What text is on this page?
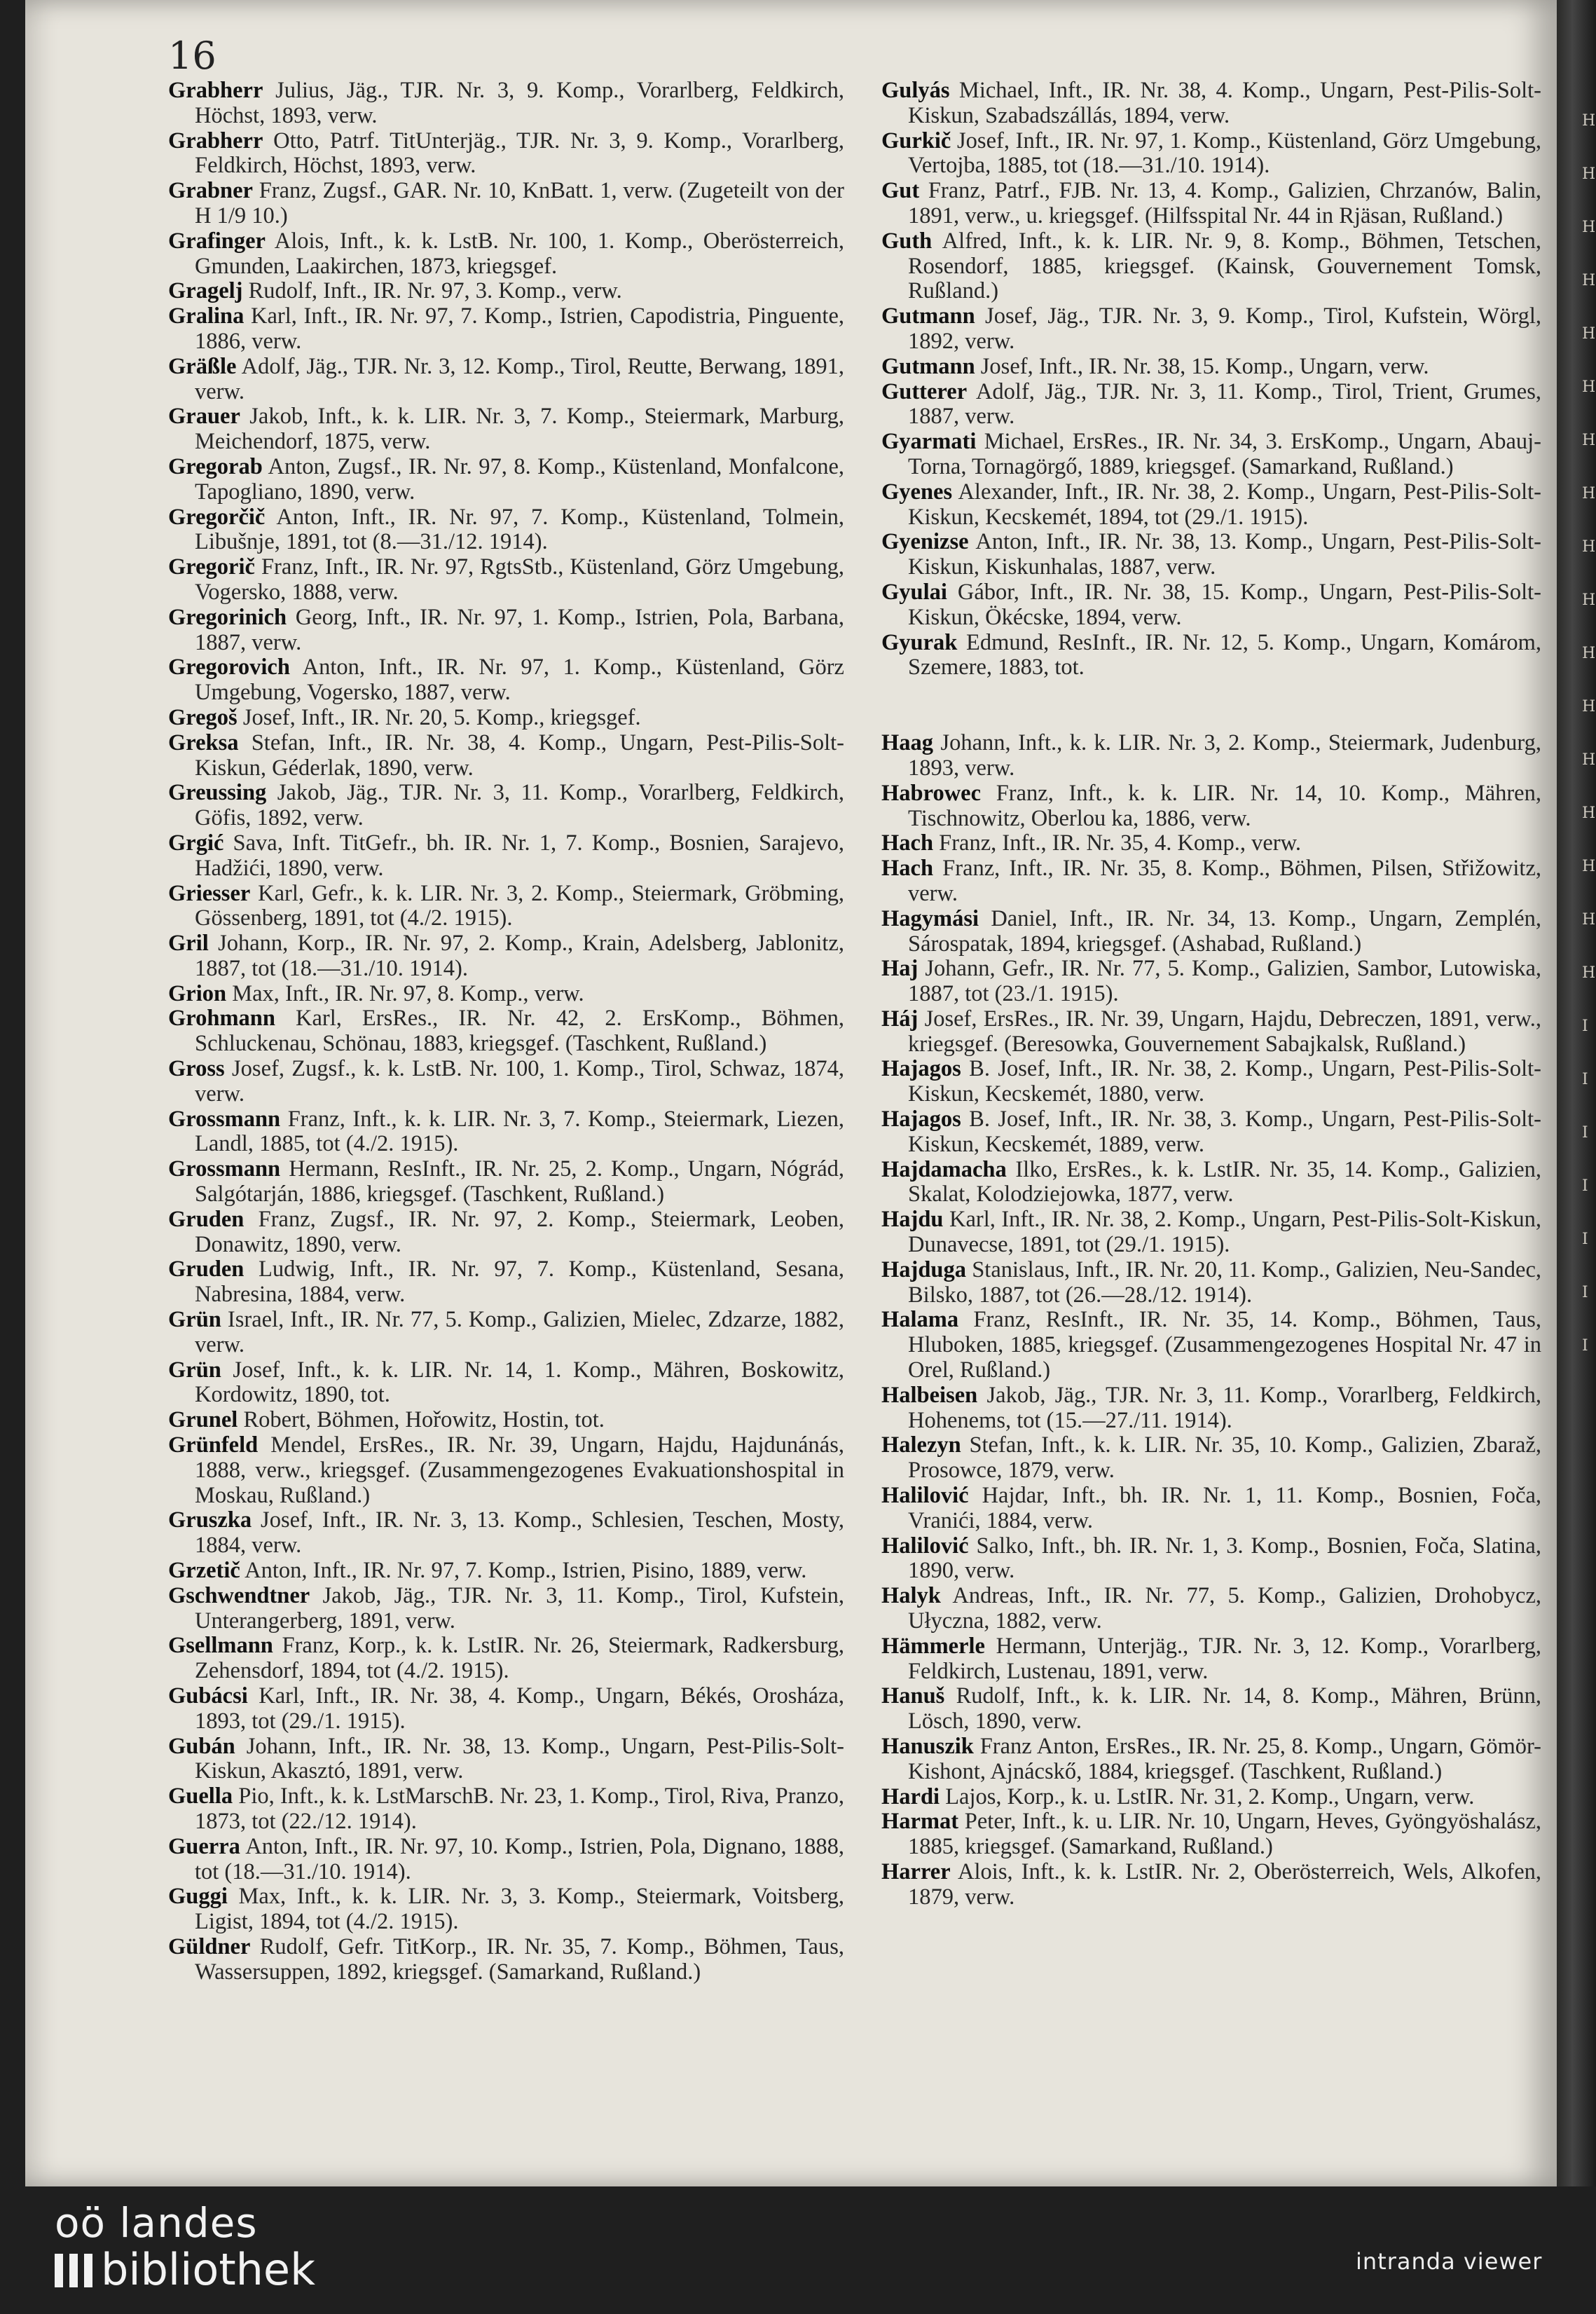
H
H
H
H
H
H
H
H
H
H
H
H
H
H
H
H
H
I
I
I
I
I
I
I
16

Grabherr Julius, Jäg., TJR. Nr. 3, 9. Komp., Vorarlberg, Feldkirch, Höchst, 1893, verw.

Grabherr Otto, Patrf. TitUnterjäg., TJR. Nr. 3, 9. Komp., Vorarlberg, Feldkirch, Höchst, 1893, verw.

Grabner Franz, Zugsf., GAR. Nr. 10, KnBatt. 1, verw. (Zugeteilt von der H 1/9 10.)

Grafinger Alois, Inft., k. k. LstB. Nr. 100, 1. Komp., Oberösterreich, Gmunden, Laakirchen, 1873, kriegsgef.

Gragelj Rudolf, Inft., IR. Nr. 97, 3. Komp., verw.

Gralina Karl, Inft., IR. Nr. 97, 7. Komp., Istrien, Capodistria, Pinguente, 1886, verw.

Gräßle Adolf, Jäg., TJR. Nr. 3, 12. Komp., Tirol, Reutte, Berwang, 1891, verw.

Grauer Jakob, Inft., k. k. LIR. Nr. 3, 7. Komp., Steiermark, Marburg, Meichendorf, 1875, verw.

Gregorab Anton, Zugsf., IR. Nr. 97, 8. Komp., Küstenland, Monfalcone, Tapogliano, 1890, verw.

Gregorčič Anton, Inft., IR. Nr. 97, 7. Komp., Küstenland, Tolmein, Libušnje, 1891, tot (8.—31./12. 1914).

Gregorič Franz, Inft., IR. Nr. 97, RgtsStb., Küstenland, Görz Umgebung, Vogersko, 1888, verw.

Gregorinich Georg, Inft., IR. Nr. 97, 1. Komp., Istrien, Pola, Barbana, 1887, verw.

Gregorovich Anton, Inft., IR. Nr. 97, 1. Komp., Küstenland, Görz Umgebung, Vogersko, 1887, verw.

Gregoš Josef, Inft., IR. Nr. 20, 5. Komp., kriegsgef.

Greksa Stefan, Inft., IR. Nr. 38, 4. Komp., Ungarn, Pest-Pilis-Solt-Kiskun, Géderlak, 1890, verw.

Greussing Jakob, Jäg., TJR. Nr. 3, 11. Komp., Vorarlberg, Feldkirch, Göfis, 1892, verw.

Grgić Sava, Inft. TitGefr., bh. IR. Nr. 1, 7. Komp., Bosnien, Sarajevo, Hadžići, 1890, verw.

Griesser Karl, Gefr., k. k. LIR. Nr. 3, 2. Komp., Steiermark, Gröbming, Gössenberg, 1891, tot (4./2. 1915).

Gril Johann, Korp., IR. Nr. 97, 2. Komp., Krain, Adelsberg, Jablonitz, 1887, tot (18.—31./10. 1914).

Grion Max, Inft., IR. Nr. 97, 8. Komp., verw.

Grohmann Karl, ErsRes., IR. Nr. 42, 2. ErsKomp., Böhmen, Schluckenau, Schönau, 1883, kriegsgef. (Taschkent, Rußland.)

Gross Josef, Zugsf., k. k. LstB. Nr. 100, 1. Komp., Tirol, Schwaz, 1874, verw.

Grossmann Franz, Inft., k. k. LIR. Nr. 3, 7. Komp., Steiermark, Liezen, Landl, 1885, tot (4./2. 1915).

Grossmann Hermann, ResInft., IR. Nr. 25, 2. Komp., Ungarn, Nógrád, Salgótarján, 1886, kriegsgef. (Taschkent, Rußland.)

Gruden Franz, Zugsf., IR. Nr. 97, 2. Komp., Steiermark, Leoben, Donawitz, 1890, verw.

Gruden Ludwig, Inft., IR. Nr. 97, 7. Komp., Küstenland, Sesana, Nabresina, 1884, verw.

Grün Israel, Inft., IR. Nr. 77, 5. Komp., Galizien, Mielec, Zdzarze, 1882, verw.

Grün Josef, Inft., k. k. LIR. Nr. 14, 1. Komp., Mähren, Boskowitz, Kordowitz, 1890, tot.

Grunel Robert, Böhmen, Hořowitz, Hostin, tot.

Grünfeld Mendel, ErsRes., IR. Nr. 39, Ungarn, Hajdu, Hajdunánás, 1888, verw., kriegsgef. (Zusammengezogenes Evakuationshospital in Moskau, Rußland.)

Gruszka Josef, Inft., IR. Nr. 3, 13. Komp., Schlesien, Teschen, Mosty, 1884, verw.

Grzetič Anton, Inft., IR. Nr. 97, 7. Komp., Istrien, Pisino, 1889, verw.

Gschwendtner Jakob, Jäg., TJR. Nr. 3, 11. Komp., Tirol, Kufstein, Unterangerberg, 1891, verw.

Gsellmann Franz, Korp., k. k. LstIR. Nr. 26, Steiermark, Radkersburg, Zehensdorf, 1894, tot (4./2. 1915).

Gubácsi Karl, Inft., IR. Nr. 38, 4. Komp., Ungarn, Békés, Orosháza, 1893, tot (29./1. 1915).

Gubán Johann, Inft., IR. Nr. 38, 13. Komp., Ungarn, Pest-Pilis-Solt-Kiskun, Akasztó, 1891, verw.

Guella Pio, Inft., k. k. LstMarschB. Nr. 23, 1. Komp., Tirol, Riva, Pranzo, 1873, tot (22./12. 1914).

Guerra Anton, Inft., IR. Nr. 97, 10. Komp., Istrien, Pola, Dignano, 1888, tot (18.—31./10. 1914).

Guggi Max, Inft., k. k. LIR. Nr. 3, 3. Komp., Steiermark, Voitsberg, Ligist, 1894, tot (4./2. 1915).

Güldner Rudolf, Gefr. TitKorp., IR. Nr. 35, 7. Komp., Böhmen, Taus, Wassersuppen, 1892, kriegsgef. (Samarkand, Rußland.)

Gulyás Michael, Inft., IR. Nr. 38, 4. Komp., Ungarn, Pest-Pilis-Solt-Kiskun, Szabadszállás, 1894, verw.

Gurkič Josef, Inft., IR. Nr. 97, 1. Komp., Küstenland, Görz Umgebung, Vertojba, 1885, tot (18.—31./10. 1914).

Gut Franz, Patrf., FJB. Nr. 13, 4. Komp., Galizien, Chrzanów, Balin, 1891, verw., u. kriegsgef. (Hilfsspital Nr. 44 in Rjäsan, Rußland.)

Guth Alfred, Inft., k. k. LIR. Nr. 9, 8. Komp., Böhmen, Tetschen, Rosendorf, 1885, kriegsgef. (Kainsk, Gouvernement Tomsk, Rußland.)

Gutmann Josef, Jäg., TJR. Nr. 3, 9. Komp., Tirol, Kufstein, Wörgl, 1892, verw.

Gutmann Josef, Inft., IR. Nr. 38, 15. Komp., Ungarn, verw.

Gutterer Adolf, Jäg., TJR. Nr. 3, 11. Komp., Tirol, Trient, Grumes, 1887, verw.

Gyarmati Michael, ErsRes., IR. Nr. 34, 3. ErsKomp., Ungarn, Abauj-Torna, Tornagörgő, 1889, kriegsgef. (Samarkand, Rußland.)

Gyenes Alexander, Inft., IR. Nr. 38, 2. Komp., Ungarn, Pest-Pilis-Solt-Kiskun, Kecskemét, 1894, tot (29./1. 1915).

Gyenizse Anton, Inft., IR. Nr. 38, 13. Komp., Ungarn, Pest-Pilis-Solt-Kiskun, Kiskunhalas, 1887, verw.

Gyulai Gábor, Inft., IR. Nr. 38, 15. Komp., Ungarn, Pest-Pilis-Solt-Kiskun, Ökécske, 1894, verw.

Gyurak Edmund, ResInft., IR. Nr. 12, 5. Komp., Ungarn, Komárom, Szemere, 1883, tot.

Haag Johann, Inft., k. k. LIR. Nr. 3, 2. Komp., Steiermark, Judenburg, 1893, verw.

Habrowec Franz, Inft., k. k. LIR. Nr. 14, 10. Komp., Mähren, Tischnowitz, Oberlou ka, 1886, verw.

Hach Franz, Inft., IR. Nr. 35, 4. Komp., verw.

Hach Franz, Inft., IR. Nr. 35, 8. Komp., Böhmen, Pilsen, Střižowitz, verw.

Hagymási Daniel, Inft., IR. Nr. 34, 13. Komp., Ungarn, Zemplén, Sárospatak, 1894, kriegsgef. (Ashabad, Rußland.)

Haj Johann, Gefr., IR. Nr. 77, 5. Komp., Galizien, Sambor, Lutowiska, 1887, tot (23./1. 1915).

Háj Josef, ErsRes., IR. Nr. 39, Ungarn, Hajdu, Debreczen, 1891, verw., kriegsgef. (Beresowka, Gouvernement Sabajkalsk, Rußland.)

Hajagos B. Josef, Inft., IR. Nr. 38, 2. Komp., Ungarn, Pest-Pilis-Solt-Kiskun, Kecskemét, 1880, verw.

Hajagos B. Josef, Inft., IR. Nr. 38, 3. Komp., Ungarn, Pest-Pilis-Solt-Kiskun, Kecskemét, 1889, verw.

Hajdamacha Ilko, ErsRes., k. k. LstIR. Nr. 35, 14. Komp., Galizien, Skalat, Kolodziejowka, 1877, verw.

Hajdu Karl, Inft., IR. Nr. 38, 2. Komp., Ungarn, Pest-Pilis-Solt-Kiskun, Dunavecse, 1891, tot (29./1. 1915).

Hajduga Stanislaus, Inft., IR. Nr. 20, 11. Komp., Galizien, Neu-Sandec, Bilsko, 1887, tot (26.—28./12. 1914).

Halama Franz, ResInft., IR. Nr. 35, 14. Komp., Böhmen, Taus, Hluboken, 1885, kriegsgef. (Zusammengezogenes Hospital Nr. 47 in Orel, Rußland.)

Halbeisen Jakob, Jäg., TJR. Nr. 3, 11. Komp., Vorarlberg, Feldkirch, Hohenems, tot (15.—27./11. 1914).

Halezyn Stefan, Inft., k. k. LIR. Nr. 35, 10. Komp., Galizien, Zbaraž, Prosowce, 1879, verw.

Halilović Hajdar, Inft., bh. IR. Nr. 1, 11. Komp., Bosnien, Foča, Vranići, 1884, verw.

Halilović Salko, Inft., bh. IR. Nr. 1, 3. Komp., Bosnien, Foča, Slatina, 1890, verw.

Halyk Andreas, Inft., IR. Nr. 77, 5. Komp., Galizien, Drohobycz, Ułyczna, 1882, verw.

Hämmerle Hermann, Unterjäg., TJR. Nr. 3, 12. Komp., Vorarlberg, Feldkirch, Lustenau, 1891, verw.

Hanuš Rudolf, Inft., k. k. LIR. Nr. 14, 8. Komp., Mähren, Brünn, Lösch, 1890, verw.

Hanuszik Franz Anton, ErsRes., IR. Nr. 25, 8. Komp., Ungarn, Gömör-Kishont, Ajnácskő, 1884, kriegsgef. (Taschkent, Rußland.)

Hardi Lajos, Korp., k. u. LstIR. Nr. 31, 2. Komp., Ungarn, verw.

Harmat Peter, Inft., k. u. LIR. Nr. 10, Ungarn, Heves, Gyöngyöshalász, 1885, kriegsgef. (Samarkand, Rußland.)

Harrer Alois, Inft., k. k. LstIR. Nr. 2, Oberösterreich, Wels, Alkofen, 1879, verw.

oö landes
bibliothek	intranda viewer
